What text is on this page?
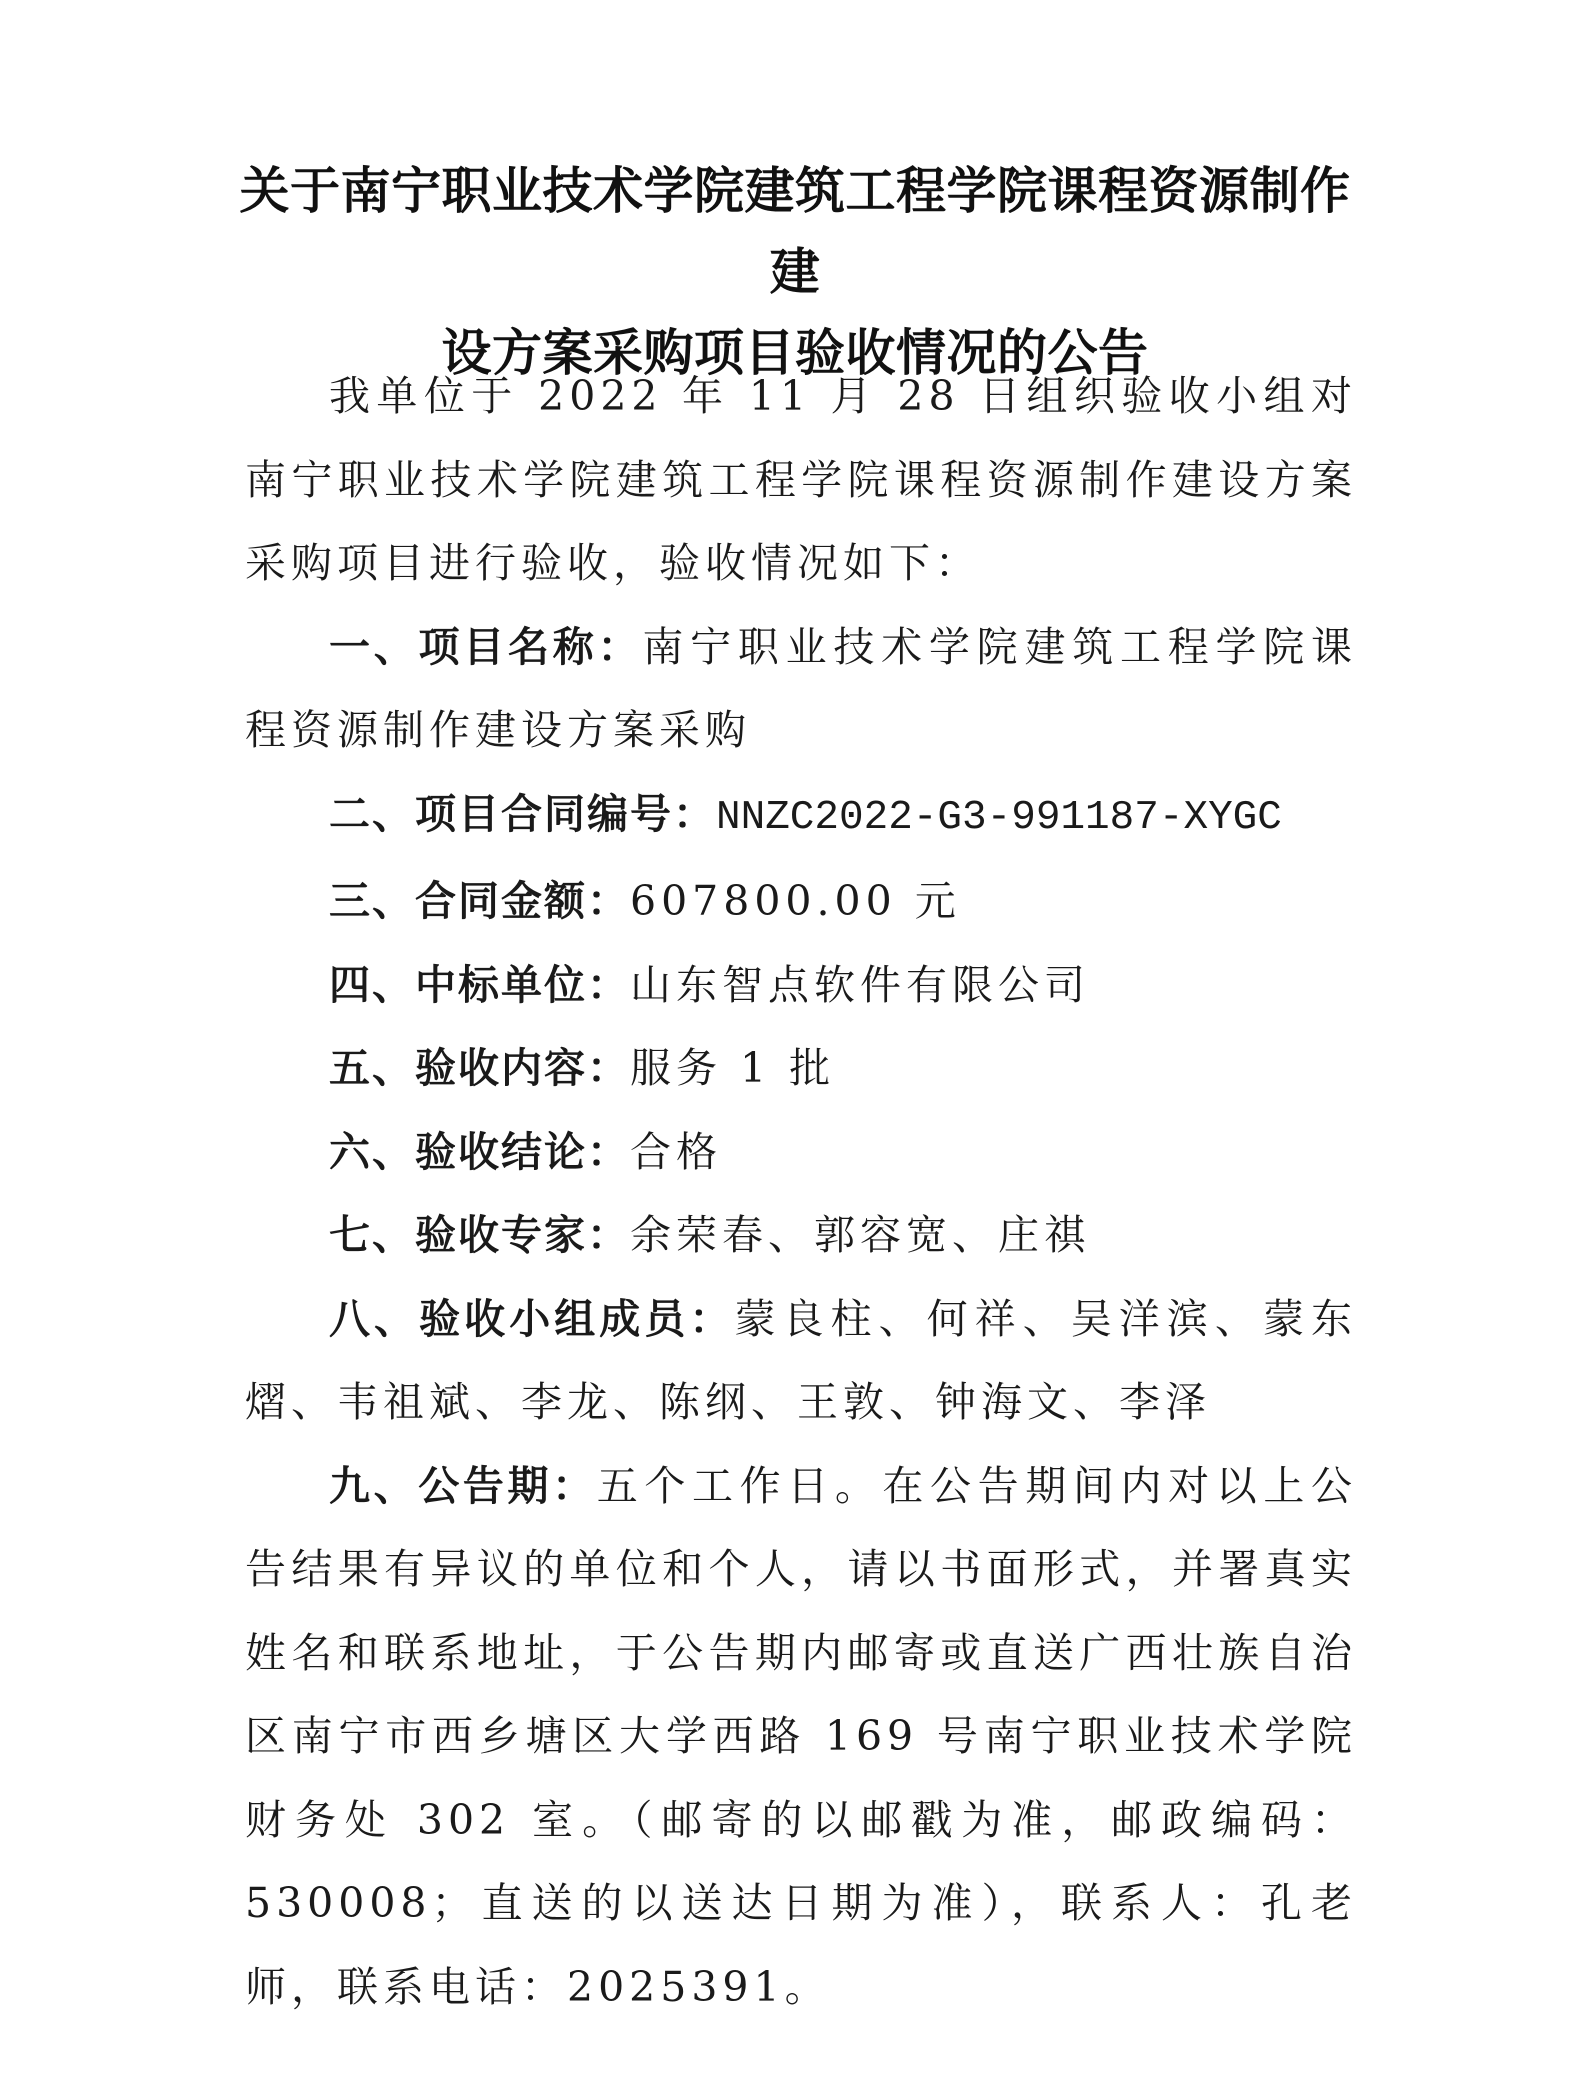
关于南宁职业技术学院建筑工程学院课程资源制作建
设方案采购项目验收情况的公告

我单位于 2022 年 11 月 28 日组织验收小组对南宁职业技术学院建筑工程学院课程资源制作建设方案采购项目进行验收，验收情况如下：

一、项目名称：南宁职业技术学院建筑工程学院课程资源制作建设方案采购

二、项目合同编号：NNZC2022-G3-991187-XYGC

三、合同金额：607800.00 元

四、中标单位：山东智点软件有限公司

五、验收内容：服务 1 批

六、验收结论：合格

七、验收专家：余荣春、郭容宽、庄祺

八、验收小组成员：蒙良柱、何祥、吴洋滨、蒙东熠、韦祖斌、李龙、陈纲、王敦、钟海文、李泽

九、公告期：五个工作日。在公告期间内对以上公告结果有异议的单位和个人，请以书面形式，并署真实姓名和联系地址，于公告期内邮寄或直送广西壮族自治区南宁市西乡塘区大学西路 169 号南宁职业技术学院财务处 302 室。（邮寄的以邮戳为准，邮政编码：530008；直送的以送达日期为准），联系人：孔老师，联系电话：2025391。
